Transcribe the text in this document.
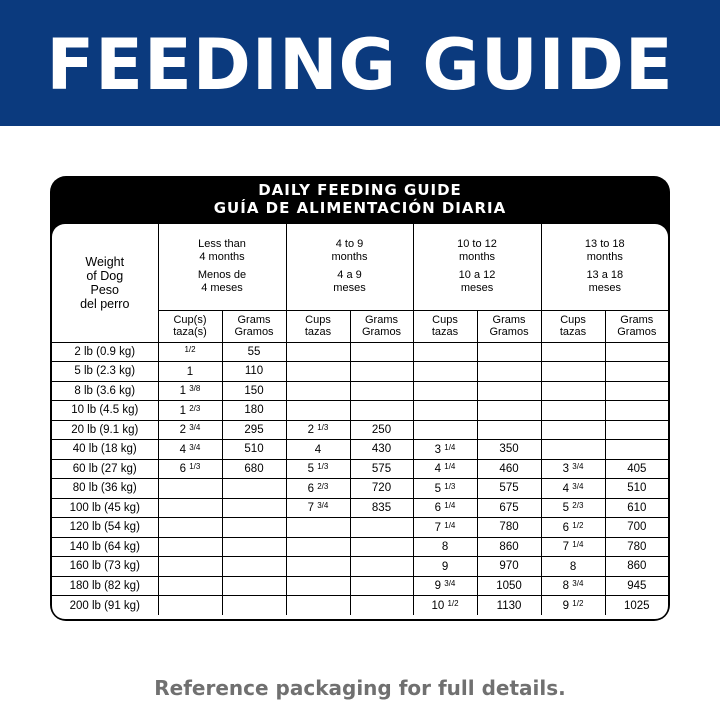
FEEDING GUIDE
DAILY FEEDING GUIDE
GUÍA DE ALIMENTACIÓN DIARIA
Weight
of Dog
Peso
del perro	Less than
4 months
Menos de
4 meses		4 to 9
months
4 a 9
meses		10 to 12
months
10 a 12
meses		13 to 18
months
13 a 18
meses	

	Cup(s)
taza(s)	Grams
Gramos	Cups
tazas	Grams
Gramos	Cups
tazas	Grams
Gramos	Cups
tazas	Grams
Gramos

2 lb (0.9 kg)	$^{1/2}$	55						
5 lb (2.3 kg)	1	110						
8 lb (3.6 kg)	1 $^{3/8}$	150						
10 lb (4.5 kg)	1 $^{2/3}$	180						
20 lb (9.1 kg)	2 $^{3/4}$	295	2 $^{1/3}$	250				
40 lb (18 kg)	4 $^{3/4}$	510	4	430	3 $^{1/4}$	350		
60 lb (27 kg)	6 $^{1/3}$	680	5 $^{1/3}$	575	4 $^{1/4}$	460	3 $^{3/4}$	405
80 lb (36 kg)			6 $^{2/3}$	720	5 $^{1/3}$	575	4 $^{3/4}$	510
100 lb (45 kg)			7 $^{3/4}$	835	6 $^{1/4}$	675	5 $^{2/3}$	610
120 lb (54 kg)					7 $^{1/4}$	780	6 $^{1/2}$	700
140 lb (64 kg)					8	860	7 $^{1/4}$	780
160 lb (73 kg)					9	970	8	860
180 lb (82 kg)					9 $^{3/4}$	1050	8 $^{3/4}$	945
200 lb (91 kg)					10 $^{1/2}$	1130	9 $^{1/2}$	1025
Reference packaging for full details.
